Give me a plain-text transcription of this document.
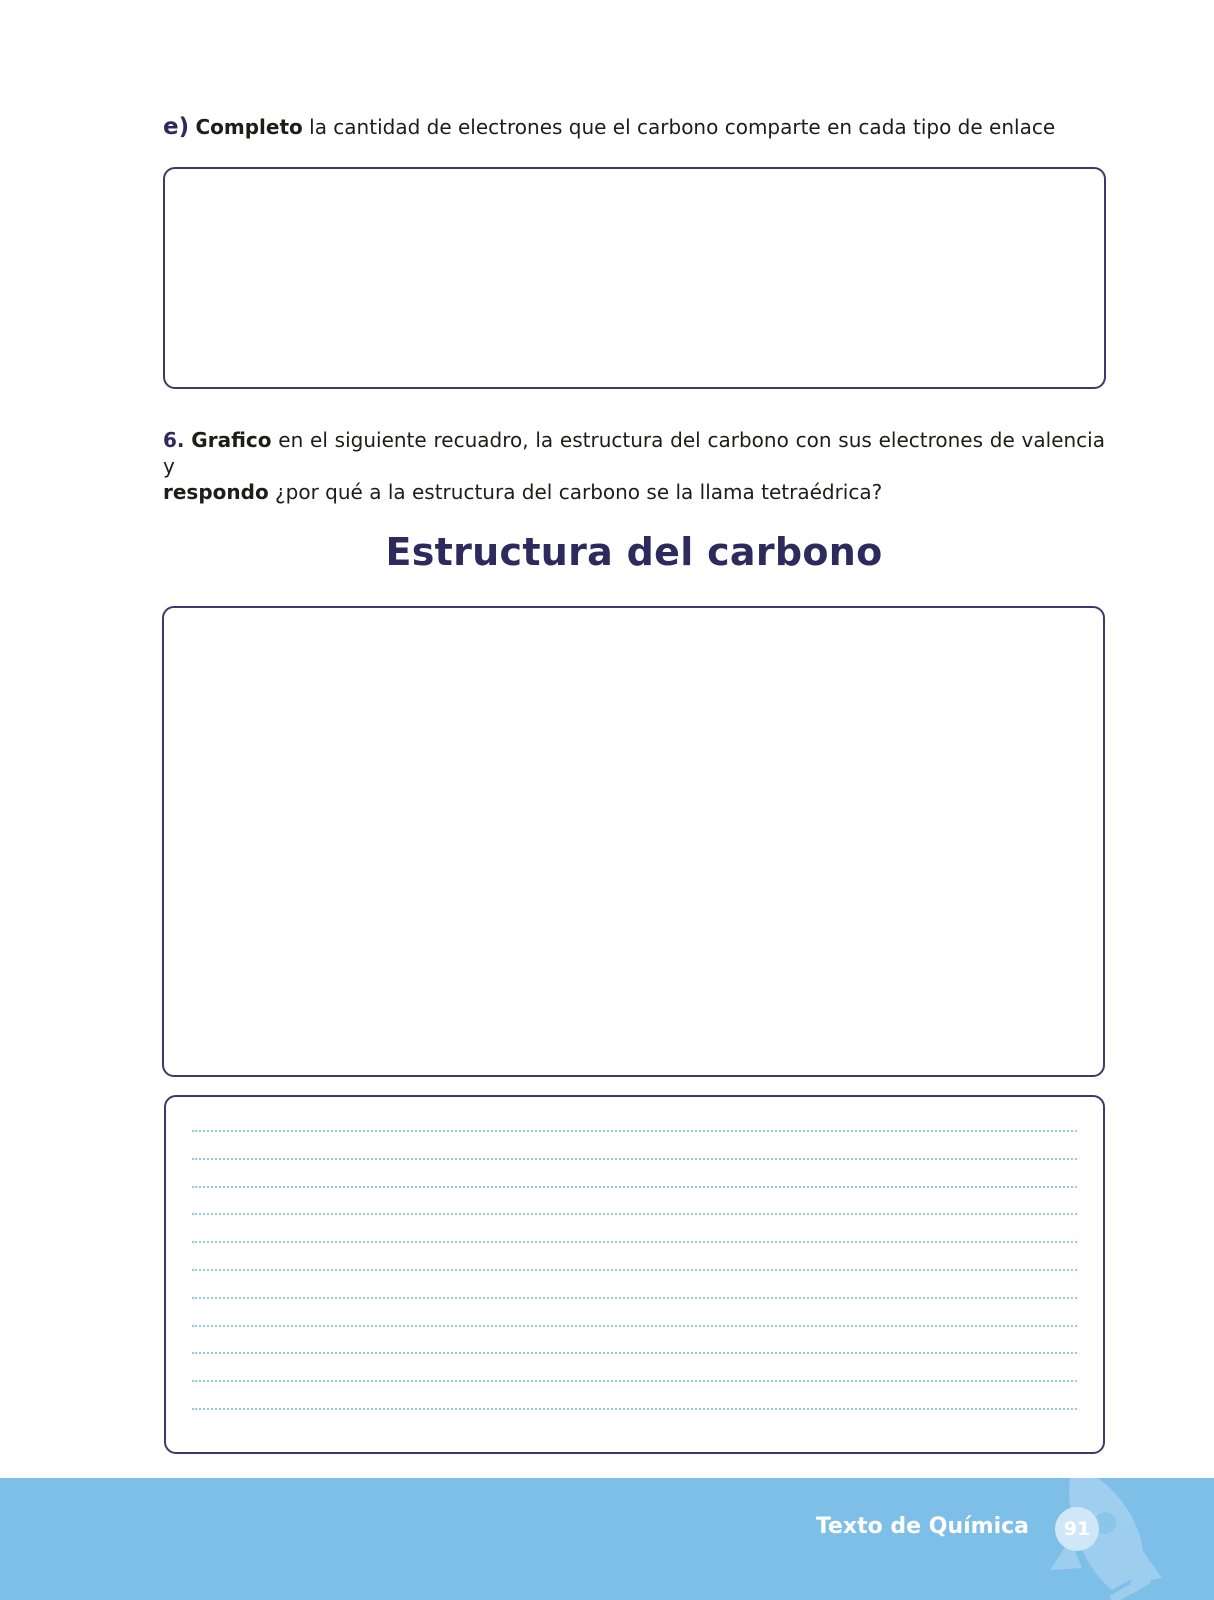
e) Completo la cantidad de electrones que el carbono comparte en cada tipo de enlace
6. Grafico en el siguiente recuadro, la estructura del carbono con sus electrones de valencia y
respondo ¿por qué a la estructura del carbono se la llama tetraédrica?
Estructura del carbono
Texto de Química	91
